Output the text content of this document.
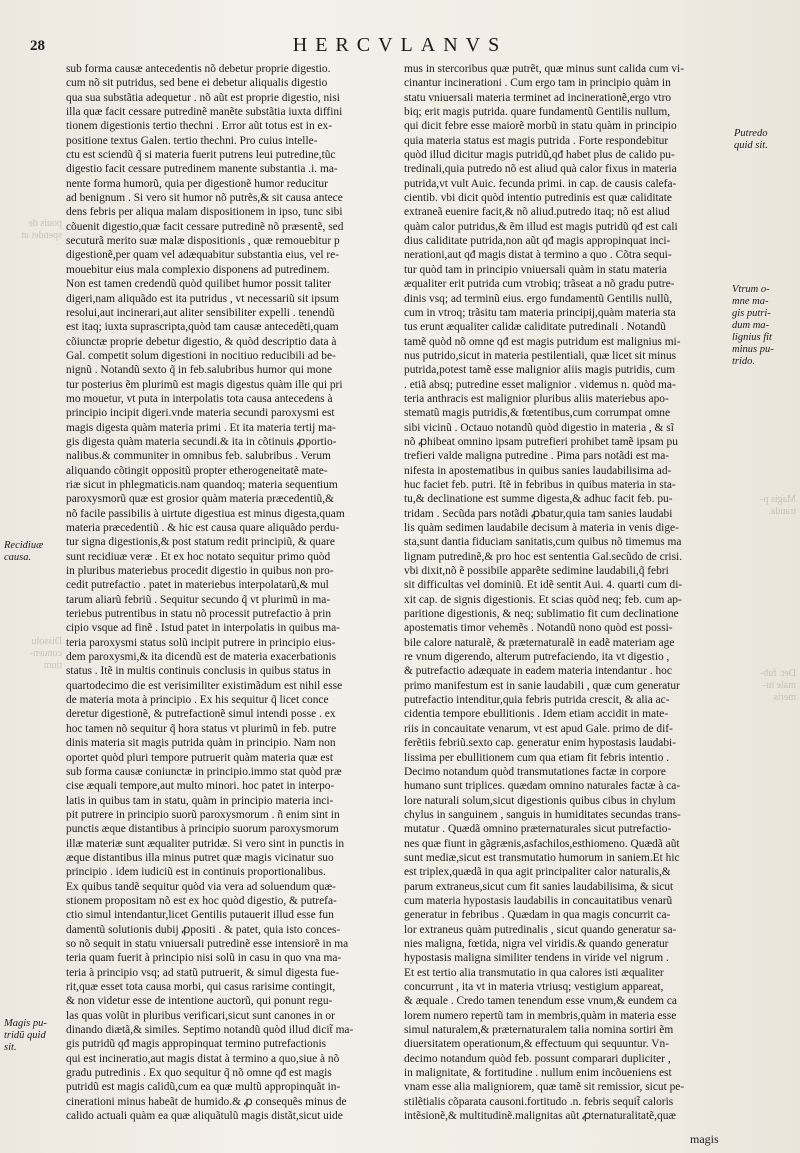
28	HERCVLANVS
sub forma causæ antecedentis nõ debetur proprie digestio.
cum nõ sit putridus, sed bene ei debetur aliqualis digestio
qua sua substãtia adequetur . nõ aũt est proprie digestio, nisi
illa quæ facit cessare putredinẽ manẽte substãtia iuxta diffini
tionem digestionis tertio thechni . Error aũt totus est in ex-
positione textus Galen. tertio thechni. Pro cuius intelle-
ctu est sciendũ q̃ si materia fuerit putrens leui putredine,tũc
digestio facit cessare putredinem manente substantia .i. ma-
nente forma humorũ, quia per digestionẽ humor reducitur
ad benignum . Si vero sit humor nõ putrẽs,& sit causa antece
dens febris per aliqua malam dispositionem in ipso, tunc sibi
cõuenit digestio,quæ facit cessare putredinẽ nõ præsentẽ, sed
secuturã merito suæ malæ dispositionis , quæ remouebitur p
digestionẽ,per quam vel adæquabitur substantia eius, vel re-
mouebitur eius mala complexio disponens ad putredinem.
Non est tamen credendũ quòd quilibet humor possit taliter
digeri,nam aliquãdo est ita putridus , vt necessariũ sit ipsum
resolui,aut incinerari,aut aliter sensibiliter expelli . tenendũ
est itaq; iuxta suprascripta,quòd tam causæ antecedẽti,quam
cõiunctæ proprie debetur digestio, & quòd descriptio data à
Gal. competit solum digestioni in nocitiuo reducibili ad be-
nignũ . Notandũ sexto q̃ in feb.salubribus humor qui mone
tur posterius ẽm plurimũ est magis digestus quàm ille qui pri
mo mouetur, vt puta in interpolatis tota causa antecedens à
principio incipit digeri.vnde materia secundi paroxysmi est
magis digesta quàm materia primi . Et ita materia tertij ma-
gis digesta quàm materia secundi.& ita in cõtinuis ꝓportio-
nalibus.& communiter in omnibus feb. salubribus . Verum
aliquando cõtingit oppositũ propter etherogeneitatẽ mate-
riæ sicut in phlegmaticis.nam quandoq; materia sequentium
paroxysmorũ quæ est grosior quàm materia præcedentiũ,&
nõ facile passibilis à uirtute digestiua est minus digesta,quam
materia præcedentiũ . & hic est causa quare aliquãdo perdu-
tur signa digestionis,& post statum redit principiũ, & quare
sunt recidiuæ veræ . Et ex hoc notato sequitur primo quòd
in pluribus materiebus procedit digestio in quibus non pro-
cedit putrefactio . patet in materiebus interpolatarũ,& mul
tarum aliarũ febriũ . Sequitur secundo q̃ vt plurimũ in ma-
teriebus putrentibus in statu nõ processit putrefactio à prin
cipio vsque ad finẽ . Istud patet in interpolatis in quibus ma-
teria paroxysmi status solũ incipit putrere in principio eius-
dem paroxysmi,& ita dicendũ est de materia exacerbationis
status . Itẽ in multis continuis conclusis in quibus status in
quartodecimo die est verisimiliter existimãdum est nihil esse
de materia mota à principio . Ex his sequitur q̃ licet conce
deretur digestionẽ, & putrefactionẽ simul intendi posse . ex
hoc tamen nõ sequitur q̃ hora status vt plurimũ in feb. putre
dinis materia sit magis putrida quàm in principio. Nam non
oportet quòd pluri tempore putruerit quàm materia quæ est
sub forma causæ coniunctæ in principio.immo stat quòd præ
cise æquali tempore,aut multo minori. hoc patet in interpo-
latis in quibus tam in statu, quàm in principio materia inci-
pit putrere in principio suorũ paroxysmorum . ñ enim sint in
punctis æque distantibus à principio suorum paroxysmorum
illæ materiæ sunt æqualiter putridæ. Si vero sint in punctis in
æque distantibus illa minus putret quæ magis vicinatur suo
principio . idem iudiciũ est in continuis proportionalibus.
Ex quibus tandẽ sequitur quòd via vera ad soluendum quæ-
stionem propositam nõ est ex hoc quòd digestio, & putrefa-
ctio simul intendantur,licet Gentilis putauerit illud esse fun
damentũ solutionis dubij ꝓpositi . & patet, quia isto conces-
so nõ sequit in statu vniuersali putredinẽ esse intensiorẽ in ma
teria quam fuerit à principio nisi solũ in casu in quo vna ma-
teria à principio vsq; ad statũ putruerit, & simul digesta fue-
rit,quæ esset tota causa morbi, qui casus rarisime contingit,
& non videtur esse de intentione auctorũ, qui ponunt regu-
las quas volũt in pluribus verificari,sicut sunt canones in or
dinando diætã,& similes. Septimo notandũ quòd illud dicit̃ ma-
gis putridũ qđ magis appropinquat termino putrefactionis
qui est incineratio,aut magis distat à termino a quo,siue à nõ
gradu putredinis . Ex quo sequitur q̃ nõ omne qđ est magis
putridũ est magis calidũ,cum ea quæ multũ appropinquãt in-
cinerationi minus habeãt de humido.& ꝓ consequẽs minus de
calido actuali quàm ea quæ aliquãtulũ magis distãt,sicut uide
mus in stercoribus quæ putrẽt, quæ minus sunt calida cum vi-
cinantur incinerationi . Cum ergo tam in principio quàm in
statu vniuersali materia terminet ad incinerationẽ,ergo vtro
biq; erit magis putrida. quare fundamentũ Gentilis nullum,
qui dicit febre esse maiorẽ morbũ in statu quàm in principio
quia materia status est magis putrida . Forte respondebitur
quòd illud dicitur magis putridũ,qđ habet plus de calido pu-
tredinali,quia putredo nõ est aliud quà calor fixus in materia
putrida,vt vult Auic. fecunda primi. in cap. de causis calefa-
cientib. vbi dicit quòd intentio putredinis est quæ caliditate
extraneã euenire facit,& nõ aliud.putredo itaq; nõ est aliud
quàm calor putridus,& ẽm illud est magis putridũ qđ est cali
dius caliditate putrida,non aũt qđ magis appropinquat inci-
nerationi,aut qđ magis distat à termino a quo . Cõtra sequi-
tur quòd tam in principio vniuersali quàm in statu materia
æqualiter erit putrida cum vtrobiq; trãseat a nõ gradu putre-
dinis vsq; ad terminũ eius. ergo fundamentũ Gentilis nullũ,
cum in vtroq; trãsitu tam materia principij,quàm materia sta
tus erunt æqualiter calidæ caliditate putredinali . Notandũ
tamẽ quòd nõ omne qđ est magis putridum est malignius mi-
nus putrido,sicut in materia pestilentiali, quæ licet sit minus
putrida,potest tamẽ esse malignior aliis magis putridis, cum
. etiã absq; putredine esset malignior . videmus n. quòd ma-
teria anthracis est malignior pluribus aliis materiebus apo-
stematũ magis putridis,& fœtentibus,cum corrumpat omne
sibi vicinũ . Octauo notandũ quòd digestio in materia , & sĩ
nõ ꝓhibeat omnino ipsam putrefieri prohibet tamẽ ipsam pu
trefieri valde maligna putredine . Pima pars notãdi est ma-
nifesta in apostematibus in quibus sanies laudabilisima ad-
huc faciet feb. putri. Itẽ in febribus in quibus materia in sta-
tu,& declinatione est summe digesta,& adhuc facit feb. pu-
tridam . Secũda pars notãdi ꝓbatur,quia tam sanies laudabi
lis quàm sedimen laudabile decisum à materia in venis dige-
sta,sunt dantia fiduciam sanitatis,cum quibus nõ timemus ma
lignam putredinẽ,& pro hoc est sententia Gal.secũdo de crisi.
vbi dixit,nõ ẽ possibile apparẽte sedimine laudabili,q̃ febri
sit difficultas vel dominiũ. Et idẽ sentit Aui. 4. quarti cum di-
xit cap. de signis digestionis. Et scias quòd neq; feb. cum ap-
paritione digestionis, & neq; sublimatio fit cum declinatione
apostematis timor vehemẽs . Notandũ nono quòd est possi-
bile calore naturalẽ, & præternaturalẽ in eadẽ materiam age
re vnum digerendo, alterum putrefaciendo, ita vt digestio ,
& putrefactio adæquate in eadem materia intendantur . hoc
primo manifestum est in sanie laudabili , quæ cum generatur
putrefactio intenditur,quia febris putrida crescit, & alia ac-
cidentia tempore ebullitionis . Idem etiam accidit in mate-
riis in concauitate venarum, vt est apud Gale. primo de dif-
ferẽtiis febriũ.sexto cap. generatur enim hypostasis laudabi-
lissima per ebullitionem cum qua etiam fit febris intentio .
Decimo notandum quòd transmutationes factæ in corpore
humano sunt triplices. quædam omnino naturales factæ à ca-
lore naturali solum,sicut digestionis quibus cibus in chylum
chylus in sanguinem , sanguis in humiditates secundas trans-
mutatur . Quædã omnino præternaturales sicut putrefactio-
nes quæ fiunt in gãgrænis,asfachilos,esthiomeno. Quædã aũt
sunt mediæ,sicut est transmutatio humorum in saniem.Et hic
est triplex,quædã in qua agit principaliter calor naturalis,&
parum extraneus,sicut cum fit sanies laudabilisima, & sicut
cum materia hypostasis laudabilis in concauitatibus venarũ
generatur in febribus . Quædam in qua magis concurrit ca-
lor extraneus quàm putredinalis , sicut quando generatur sa-
nies maligna, fœtida, nigra vel viridis.& quando generatur
hypostasis maligna similiter tendens in viride vel nigrum .
Et est tertio alia transmutatio in qua calores isti æqualiter
concurrunt , ita vt in materia vtriusq; vestigium appareat,
& æquale . Credo tamen tenendum esse vnum,& eundem ca
lorem numero repertũ tam in membris,quàm in materia esse
simul naturalem,& præternaturalem talia nomina sortiri ẽm
diuersitatem operationum,& effectuum qui sequuntur. Vn-
decimo notandum quòd feb. possunt comparari dupliciter ,
in malignitate, & fortitudine . nullum enim incõueniens est
vnam esse alia maligniorem, quæ tamẽ sit remissior, sicut pe-
stilẽtialis cõparata causoni.fortitudo .n. febris sequit̃ caloris
intẽsionẽ,& multitudinẽ.malignitas aũt ꝓternaturalitatẽ,quæ
Recidiuæ
causa.
Magis pu-
tridũ quid
sit.
Putredo
quid sit.
Vtrum o-
mne ma-
gis putri-
dum ma-
lignius fit
minus pu-
trido.
pouis de
spendet ut
Dissolu
conuen-
tium
Magis p-
trauda.
Der. fub-
male tu-
meris
magis
